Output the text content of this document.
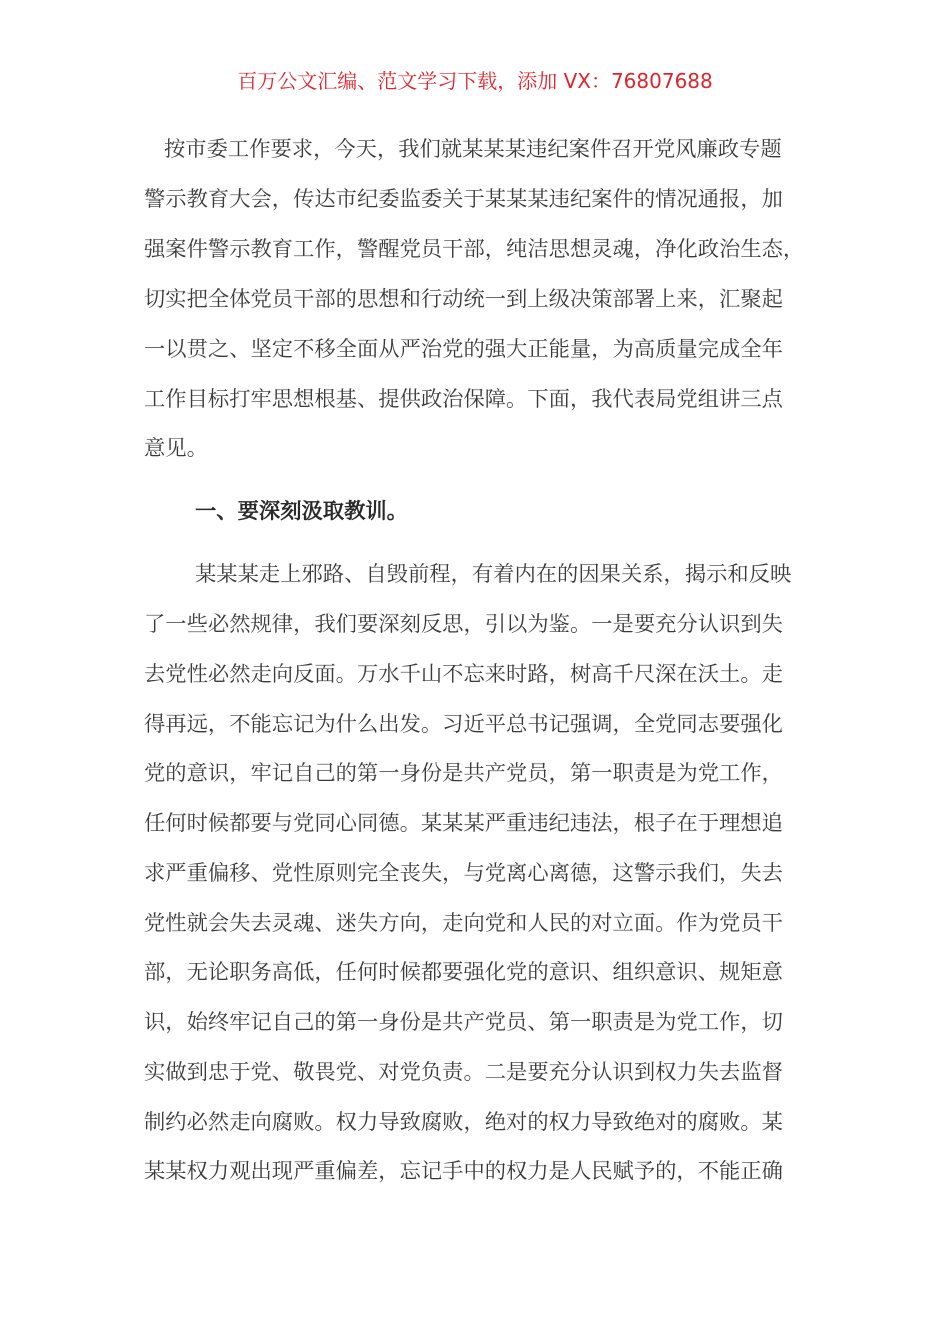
百万公文汇编、范文学习下载，添加 VX：76807688
按市委工作要求，今天，我们就某某某违纪案件召开党风廉政专题
警示教育大会，传达市纪委监委关于某某某违纪案件的情况通报，加
强案件警示教育工作，警醒党员干部，纯洁思想灵魂，净化政治生态，
切实把全体党员干部的思想和行动统一到上级决策部署上来，汇聚起
一以贯之、坚定不移全面从严治党的强大正能量，为高质量完成全年
工作目标打牢思想根基、提供政治保障。下面，我代表局党组讲三点
意见。
一、要深刻汲取教训。
某某某走上邪路、自毁前程，有着内在的因果关系，揭示和反映
了一些必然规律，我们要深刻反思，引以为鉴。一是要充分认识到失
去党性必然走向反面。万水千山不忘来时路，树高千尺深在沃土。走
得再远，不能忘记为什么出发。习近平总书记强调，全党同志要强化
党的意识，牢记自己的第一身份是共产党员，第一职责是为党工作，
任何时候都要与党同心同德。某某某严重违纪违法，根子在于理想追
求严重偏移、党性原则完全丧失，与党离心离德，这警示我们，失去
党性就会失去灵魂、迷失方向，走向党和人民的对立面。作为党员干
部，无论职务高低，任何时候都要强化党的意识、组织意识、规矩意
识，始终牢记自己的第一身份是共产党员、第一职责是为党工作，切
实做到忠于党、敬畏党、对党负责。二是要充分认识到权力失去监督
制约必然走向腐败。权力导致腐败，绝对的权力导致绝对的腐败。某
某某权力观出现严重偏差，忘记手中的权力是人民赋予的，不能正确
